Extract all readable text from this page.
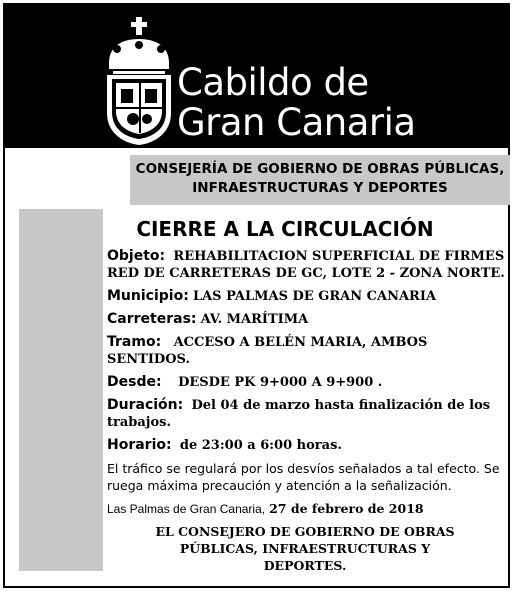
Cabildo de
Gran Canaria
CONSEJERÍA DE GOBIERNO DE OBRAS PÚBLICAS,
INFRAESTRUCTURAS Y DEPORTES
CIERRE A LA CIRCULACIÓN
Objeto: REHABILITACION SUPERFICIAL DE FIRMES RED DE CARRETERAS DE GC, LOTE 2 - ZONA NORTE.
Municipio: LAS PALMAS DE GRAN CANARIA
Carreteras: AV. MARÍTIMA
Tramo: ACCESO A BELÉN MARIA, AMBOS SENTIDOS.
Desde: DESDE PK 9+000 A 9+900 .
Duración: Del 04 de marzo hasta finalización de los trabajos.
Horario: de 23:00 a 6:00 horas.
El tráfico se regulará por los desvíos señalados a tal efecto. Se ruega máxima precaución y atención a la señalización.
Las Palmas de Gran Canaria, 27 de febrero de 2018
EL CONSEJERO DE GOBIERNO DE OBRAS
PÚBLICAS, INFRAESTRUCTURAS Y
DEPORTES.
